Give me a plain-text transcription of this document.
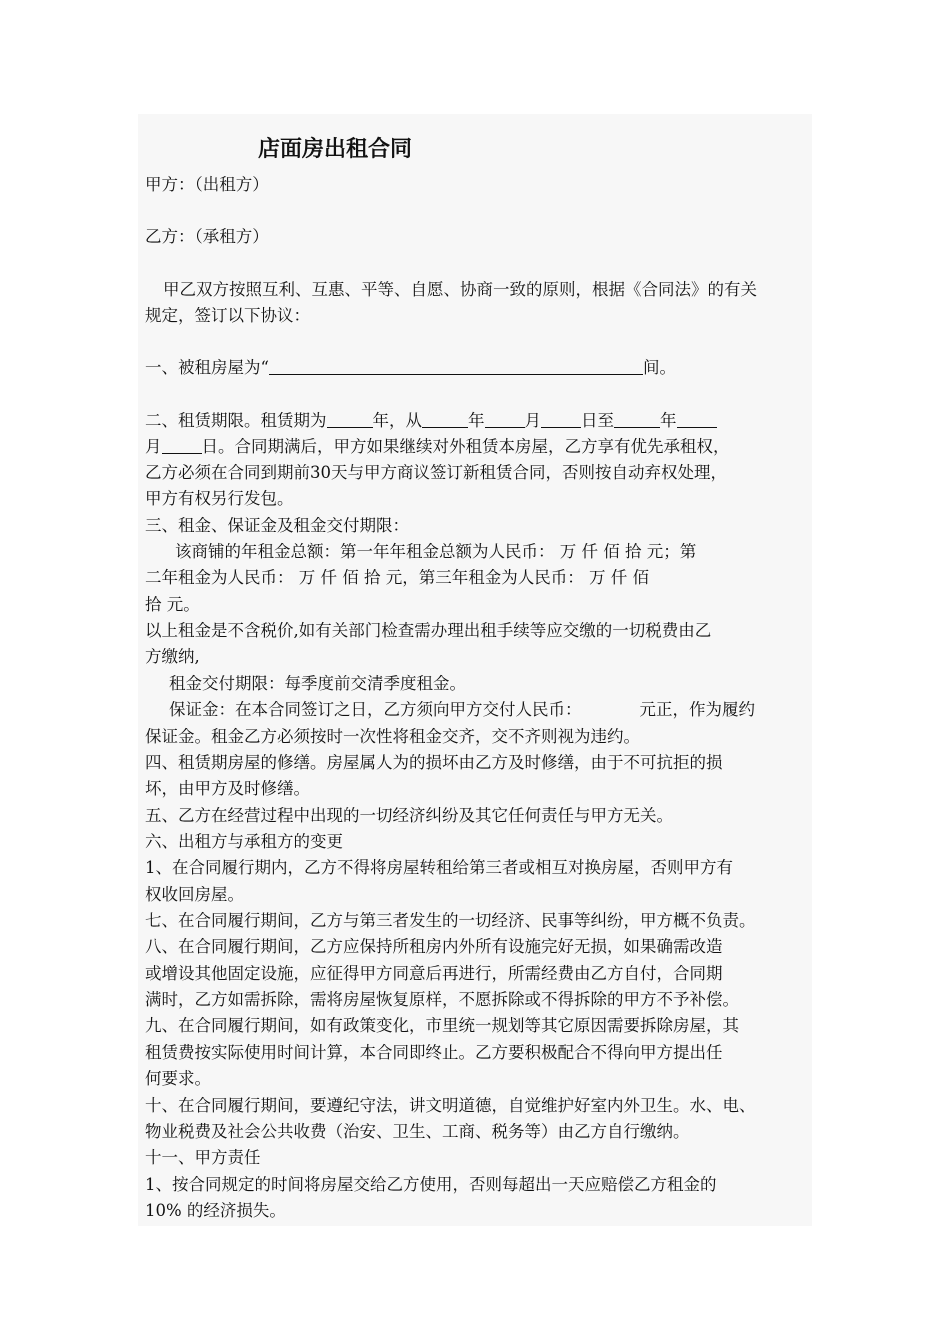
店面房出租合同
甲方：（出租方）
乙方：（承租方）
甲乙双方按照互利、互惠、平等、自愿、协商一致的原则，根据《合同法》的有关
规定，签订以下协议：
一、被租房屋为“	间。
二、租赁期限。租赁期为	年，从	年 月 日至	年
月 日。合同期满后，甲方如果继续对外租赁本房屋，乙方享有优先承租权，
乙方必须在合同到期前30天与甲方商议签订新租赁合同，否则按自动弃权处理，
甲方有权另行发包。
三、租金、保证金及租金交付期限：
该商铺的年租金总额：第一年年租金总额为人民币： 万 仟 佰 拾 元；第
二年租金为人民币： 万 仟 佰 拾 元，第三年租金为人民币： 万 仟 佰
拾 元。
以上租金是不含税价,如有关部门检查需办理出租手续等应交缴的一切税费由乙
方缴纳,
租金交付期限：每季度前交清季度租金。
保证金：在本合同签订之日，乙方须向甲方交付人民币：	元正，作为履约
保证金。租金乙方必须按时一次性将租金交齐，交不齐则视为违约。
四、租赁期房屋的修缮。房屋属人为的损坏由乙方及时修缮，由于不可抗拒的损
坏，由甲方及时修缮。
五、乙方在经营过程中出现的一切经济纠纷及其它任何责任与甲方无关。
六、出租方与承租方的变更
1、在合同履行期内，乙方不得将房屋转租给第三者或相互对换房屋，否则甲方有
权收回房屋。
七、在合同履行期间，乙方与第三者发生的一切经济、民事等纠纷，甲方概不负责。
八、在合同履行期间，乙方应保持所租房内外所有设施完好无损，如果确需改造
或增设其他固定设施，应征得甲方同意后再进行，所需经费由乙方自付，合同期
满时，乙方如需拆除，需将房屋恢复原样，不愿拆除或不得拆除的甲方不予补偿。
九、在合同履行期间，如有政策变化，市里统一规划等其它原因需要拆除房屋，其
租赁费按实际使用时间计算，本合同即终止。乙方要积极配合不得向甲方提出任
何要求。
十、在合同履行期间，要遵纪守法，讲文明道德，自觉维护好室内外卫生。水、电、
物业税费及社会公共收费（治安、卫生、工商、税务等）由乙方自行缴纳。
十一、甲方责任
1、按合同规定的时间将房屋交给乙方使用，否则每超出一天应赔偿乙方租金的
10% 的经济损失。
